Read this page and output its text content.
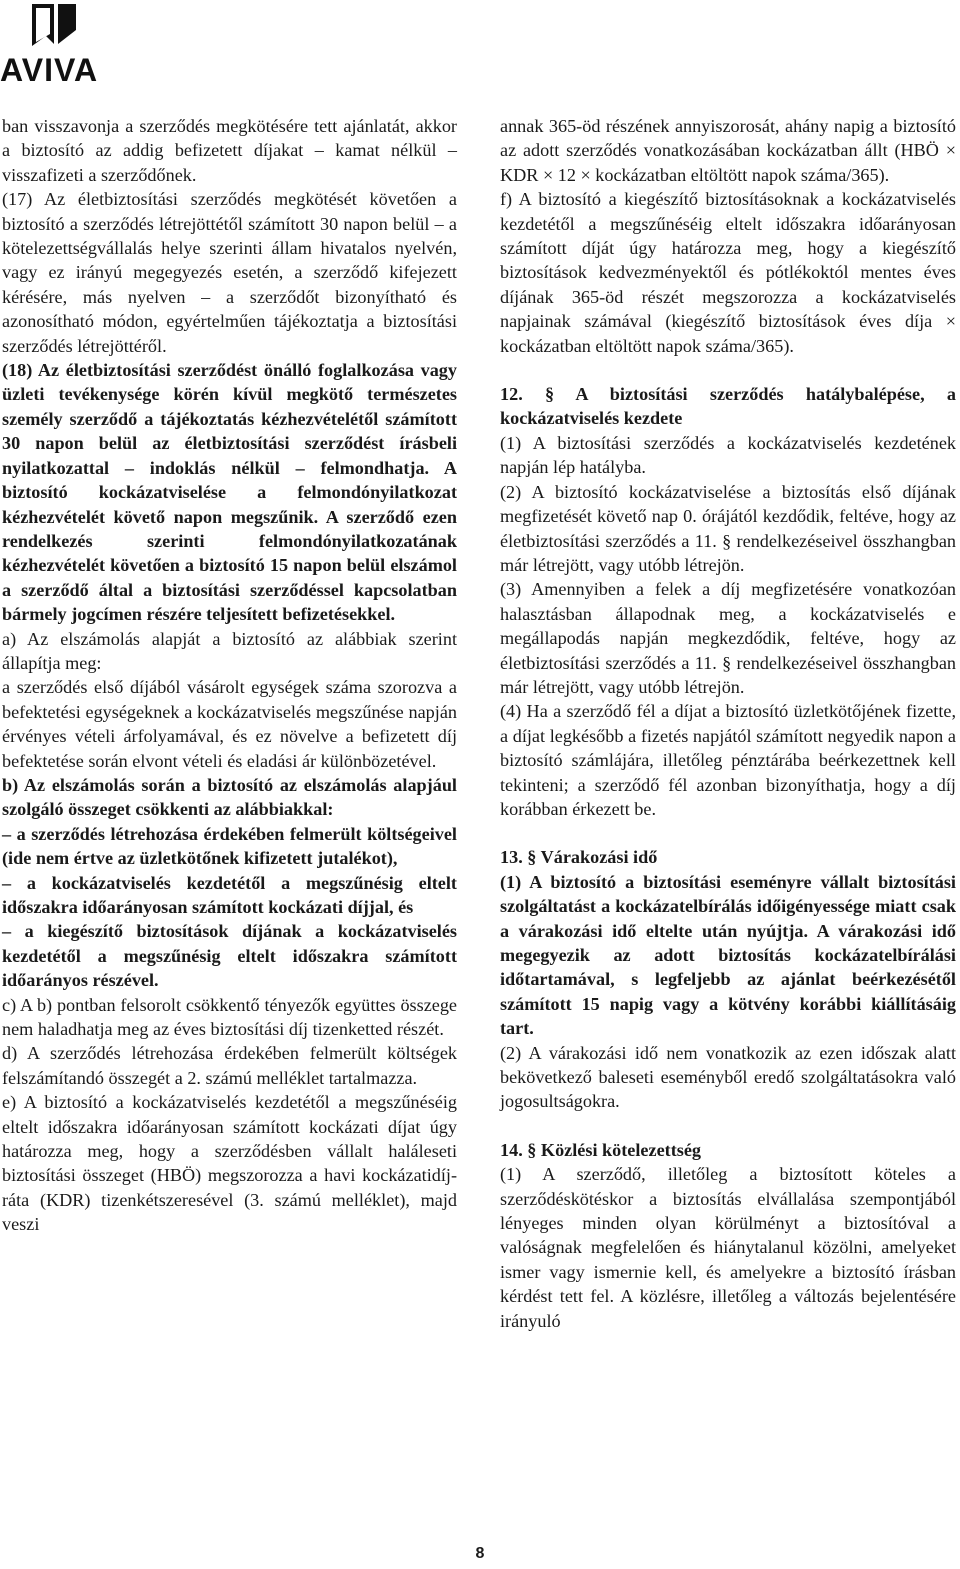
AVIVA

ban visszavonja a szerződés megkötésére tett ajánlatát, akkor a biztosító az addig befizetett díjakat – kamat nélkül – visszafizeti a szerződőnek.

(17) Az életbiztosítási szerződés megkötését követően a biztosító a szerződés létrejöttétől számított 30 napon belül – a kötelezettségvállalás helye szerinti állam hivatalos nyelvén, vagy ez irányú megegyezés esetén, a szerződő kifejezett kérésére, más nyelven – a szerződőt bizonyítható és azonosítható módon, egyértelműen tájékoztatja a biztosítási szerződés létrejöttéről.

(18) Az életbiztosítási szerződést önálló foglalkozása vagy üzleti tevékenysége körén kívül megkötő természetes személy szerződő a tájékoztatás kézhezvételétől számított 30 napon belül az életbiztosítási szerződést írásbeli nyilatkozattal – indoklás nélkül – felmondhatja. A biztosító kockázatviselése a felmondónyilatkozat kézhezvételét követő napon megszűnik. A szerződő ezen rendelkezés szerinti felmondónyilatkozatának kézhezvételét követően a biztosító 15 napon belül elszámol a szerződő által a biztosítási szerződéssel kapcsolatban bármely jogcímen részére teljesített befizetésekkel.

a) Az elszámolás alapját a biztosító az alábbiak szerint állapítja meg:

a szerződés első díjából vásárolt egységek száma szorozva a befektetési egységeknek a kockázatviselés megszűnése napján érvényes vételi árfolyamával, és ez növelve a befizetett díj befektetése során elvont vételi és eladási ár különbözetével.

b) Az elszámolás során a biztosító az elszámolás alapjául szolgáló összeget csökkenti az alábbiakkal:

– a szerződés létrehozása érdekében felmerült költségeivel (ide nem értve az üzletkötőnek kifizetett jutalékot),

– a kockázatviselés kezdetétől a megszűnésig eltelt időszakra időarányosan számított kockázati díjjal, és

– a kiegészítő biztosítások díjának a kockázatviselés kezdetétől a megszűnésig eltelt időszakra számított időarányos részével.

c) A b) pontban felsorolt csökkentő tényezők együttes összege nem haladhatja meg az éves biztosítási díj tizenketted részét.

d) A szerződés létrehozása érdekében felmerült költségek felszámítandó összegét a 2. számú melléklet tartalmazza.

e) A biztosító a kockázatviselés kezdetétől a megszűnéséig eltelt időszakra időarányosan számított kockázati díjat úgy határozza meg, hogy a szerződésben vállalt haláleseti biztosítási összeget (HBÖ) megszorozza a havi kockázatidíj-ráta (KDR) tizenkétszeresével (3. számú melléklet), majd veszi

annak 365-öd részének annyiszorosát, ahány napig a biztosító az adott szerződés vonatkozásában kockázatban állt (HBÖ × KDR × 12 × kockázatban eltöltött napok száma/365).

f) A biztosító a kiegészítő biztosításoknak a kockázatviselés kezdetétől a megszűnéséig eltelt időszakra időarányosan számított díját úgy határozza meg, hogy a kiegészítő biztosítások kedvezményektől és pótlékoktól mentes éves díjának 365-öd részét megszorozza a kockázatviselés napjainak számával (kiegészítő biztosítások éves díja × kockázatban eltöltött napok száma/365).

12. § A biztosítási szerződés hatálybalépése, a kockázatviselés kezdete

(1) A biztosítási szerződés a kockázatviselés kezdetének napján lép hatályba.

(2) A biztosító kockázatviselése a biztosítás első díjának megfizetését követő nap 0. órájától kezdődik, feltéve, hogy az életbiztosítási szerződés a 11. § rendelkezéseivel összhangban már létrejött, vagy utóbb létrejön.

(3) Amennyiben a felek a díj megfizetésére vonatkozóan halasztásban állapodnak meg, a kockázatviselés e megállapodás napján megkezdődik, feltéve, hogy az életbiztosítási szerződés a 11. § rendelkezéseivel összhangban már létrejött, vagy utóbb létrejön.

(4) Ha a szerződő fél a díjat a biztosító üzletkötőjének fizette, a díjat legkésőbb a fizetés napjától számított negyedik napon a biztosító számlájára, illetőleg pénztárába beérkezettnek kell tekinteni; a szerződő fél azonban bizonyíthatja, hogy a díj korábban érkezett be.

13. § Várakozási idő

(1) A biztosító a biztosítási eseményre vállalt biztosítási szolgáltatást a kockázatelbírálás időigényessége miatt csak a várakozási idő eltelte után nyújtja. A várakozási idő megegyezik az adott biztosítás kockázatelbírálási időtartamával, s legfeljebb az ajánlat beérkezésétől számított 15 napig vagy a kötvény korábbi kiállításáig tart.

(2) A várakozási idő nem vonatkozik az ezen időszak alatt bekövetkező baleseti eseményből eredő szolgáltatásokra való jogosultságokra.

14. § Közlési kötelezettség

(1) A szerződő, illetőleg a biztosított köteles a szerződéskötéskor a biztosítás elvállalása szempontjából lényeges minden olyan körülményt a biztosítóval a valóságnak megfelelően és hiánytalanul közölni, amelyeket ismer vagy ismernie kell, és amelyekre a biztosító írásban kérdést tett fel. A közlésre, illetőleg a változás bejelentésére irányuló

8
